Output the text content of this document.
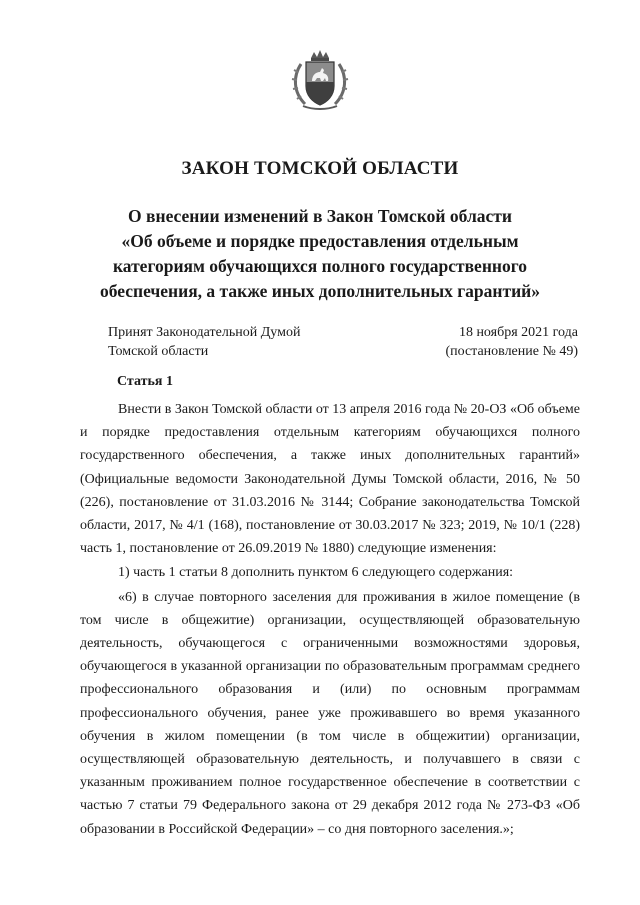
ЗАКОН ТОМСКОЙ ОБЛАСТИ
О внесении изменений в Закон Томской области
«Об объеме и порядке предоставления отдельным
категориям обучающихся полного государственного
обеспечения, а также иных дополнительных гарантий»
Принят Законодательной Думой
Томской области
18 ноября 2021 года
(постановление № 49)
Статья 1

Внести в Закон Томской области от 13 апреля 2016 года № 20-ОЗ «Об объеме и порядке предоставления отдельным категориям обучающихся полного государственного обеспечения, а также иных дополнительных гарантий» (Официальные ведомости Законодательной Думы Томской области, 2016, № 50 (226), постановление от 31.03.2016 № 3144; Собрание законодательства Томской области, 2017, № 4/1 (168), постановление от 30.03.2017 № 323; 2019, № 10/1 (228) часть 1, постановление от 26.09.2019 № 1880) следующие изменения:

1) часть 1 статьи 8 дополнить пунктом 6 следующего содержания:

«6) в случае повторного заселения для проживания в жилое помещение (в том числе в общежитие) организации, осуществляющей образовательную деятельность, обучающегося с ограниченными возможностями здоровья, обучающегося в указанной организации по образовательным программам среднего профессионального образования и (или) по основным программам профессионального обучения, ранее уже проживавшего во время указанного обучения в жилом помещении (в том числе в общежитии) организации, осуществляющей образовательную деятельность, и получавшего в связи с указанным проживанием полное государственное обеспечение в соответствии с частью 7 статьи 79 Федерального закона от 29 декабря 2012 года № 273-ФЗ «Об образовании в Российской Федерации» – со дня повторного заселения.»;
